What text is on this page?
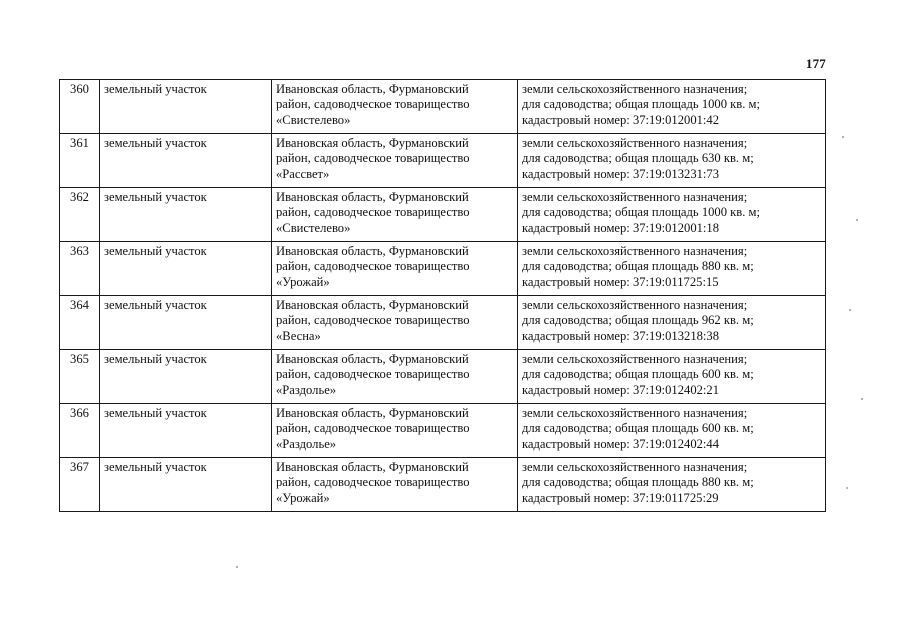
177
360	земельный участок	Ивановская область, Фурмановский
район, садоводческое товарищество
«Свистелево»	земли сельскохозяйственного назначения;
для садоводства; общая площадь 1000 кв. м;
кадастровый номер: 37:19:012001:42

361	земельный участок	Ивановская область, Фурмановский
район, садоводческое товарищество
«Рассвет»	земли сельскохозяйственного назначения;
для садоводства; общая площадь 630 кв. м;
кадастровый номер: 37:19:013231:73

362	земельный участок	Ивановская область, Фурмановский
район, садоводческое товарищество
«Свистелево»	земли сельскохозяйственного назначения;
для садоводства; общая площадь 1000 кв. м;
кадастровый номер: 37:19:012001:18

363	земельный участок	Ивановская область, Фурмановский
район, садоводческое товарищество
«Урожай»	земли сельскохозяйственного назначения;
для садоводства; общая площадь 880 кв. м;
кадастровый номер: 37:19:011725:15

364	земельный участок	Ивановская область, Фурмановский
район, садоводческое товарищество
«Весна»	земли сельскохозяйственного назначения;
для садоводства; общая площадь 962 кв. м;
кадастровый номер: 37:19:013218:38

365	земельный участок	Ивановская область, Фурмановский
район, садоводческое товарищество
«Раздолье»	земли сельскохозяйственного назначения;
для садоводства; общая площадь 600 кв. м;
кадастровый номер: 37:19:012402:21

366	земельный участок	Ивановская область, Фурмановский
район, садоводческое товарищество
«Раздолье»	земли сельскохозяйственного назначения;
для садоводства; общая площадь 600 кв. м;
кадастровый номер: 37:19:012402:44

367	земельный участок	Ивановская область, Фурмановский
район, садоводческое товарищество
«Урожай»	земли сельскохозяйственного назначения;
для садоводства; общая площадь 880 кв. м;
кадастровый номер: 37:19:011725:29
